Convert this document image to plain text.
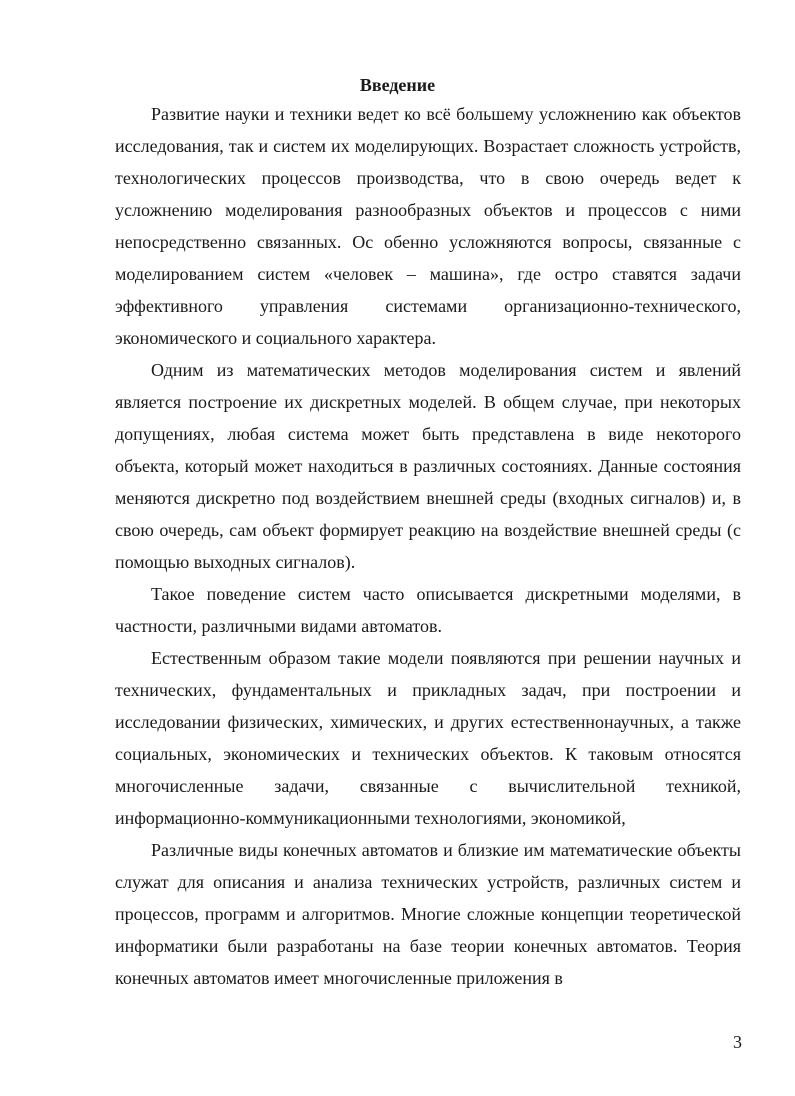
Введение

Развитие науки и техники ведет ко всё большему усложнению как объектов исследования, так и систем их моделирующих. Возрастает сложность устройств, технологических процессов производства, что в свою очередь ведет к усложнению моделирования разнообразных объектов и процессов с ними непосредственно связанных. Ос обенно усложняются вопросы, связанные с моделированием систем «человек – машина», где остро ставятся задачи эффективного управления системами организационно-технического, экономического и социального характера.

Одним из математических методов моделирования систем и явлений является построение их дискретных моделей. В общем случае, при некоторых допущениях, любая система может быть представлена в виде некоторого объекта, который может находиться в различных состояниях. Данные состояния меняются дискретно под воздействием внешней среды (входных сигналов) и, в свою очередь, сам объект формирует реакцию на воздействие внешней среды (с помощью выходных сигналов).

Такое поведение систем часто описывается дискретными моделями, в частности, различными видами автоматов.

Естественным образом такие модели появляются при решении научных и технических, фундаментальных и прикладных задач, при построении и исследовании физических, химических, и других естественнонаучных, а также социальных, экономических и технических объектов. К таковым относятся многочисленные задачи, связанные с вычислительной техникой, информационно-коммуникационными технологиями, экономикой,

Различные виды конечных автоматов и близкие им математические объекты служат для описания и анализа технических устройств, различных систем и процессов, программ и алгоритмов. Многие сложные концепции теоретической информатики были разработаны на базе теории конечных автоматов. Теория конечных автоматов имеет многочисленные приложения в

3
